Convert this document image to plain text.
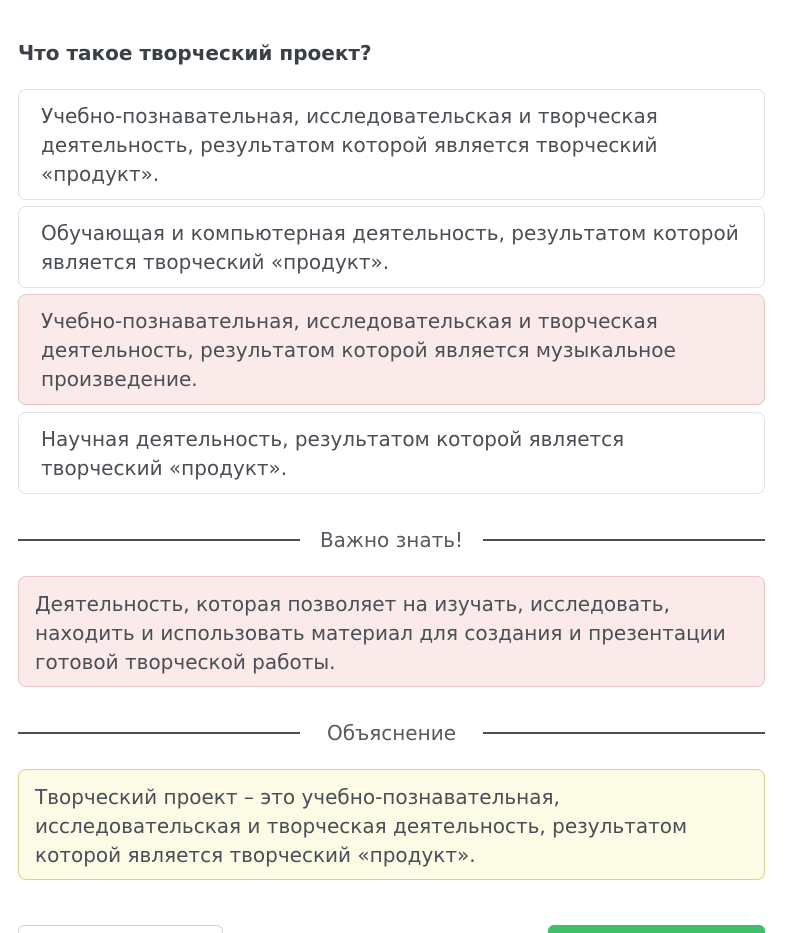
Что такое творческий проект?
Учебно-познавательная, исследовательская и творческая деятельность, результатом которой является творческий «продукт».
Обучающая и компьютерная деятельность, результатом которой является творческий «продукт».
Учебно-познавательная, исследовательская и творческая деятельность, результатом которой является музыкальное произведение.
Научная деятельность, результатом которой является творческий «продукт».
Важно знать!
Деятельность, которая позволяет на изучать, исследовать, находить и использовать материал для создания и презентации готовой творческой работы.
Объяснение
Творческий проект – это учебно-познавательная, исследовательская и творческая деятельность, результатом которой является творческий «продукт».
